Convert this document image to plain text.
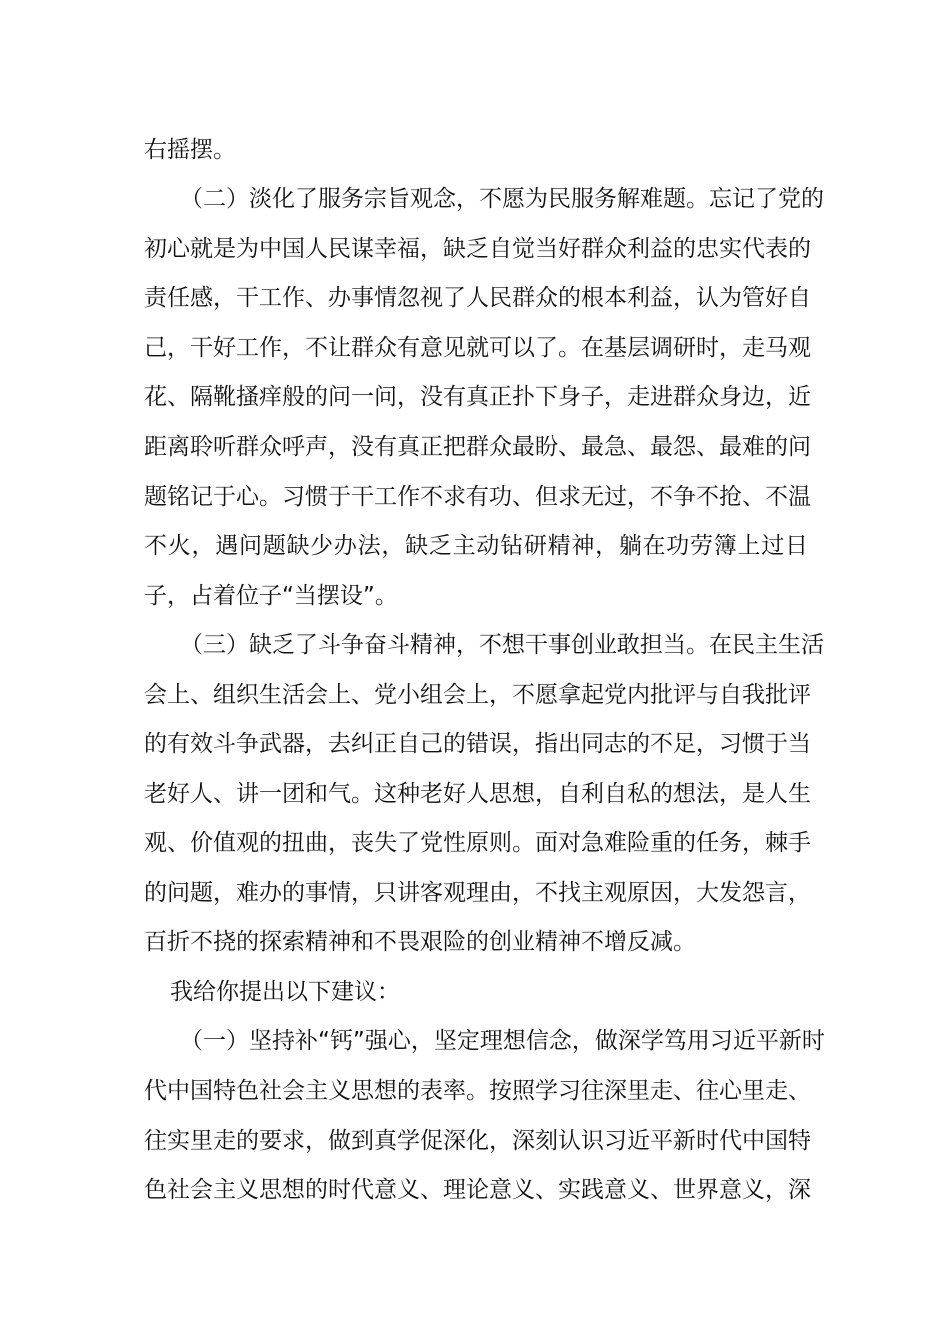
右摇摆。
（二）淡化了服务宗旨观念，不愿为民服务解难题。忘记了党的
初心就是为中国人民谋幸福，缺乏自觉当好群众利益的忠实代表的
责任感，干工作、办事情忽视了人民群众的根本利益，认为管好自
己，干好工作，不让群众有意见就可以了。在基层调研时，走马观
花、隔靴搔痒般的问一问，没有真正扑下身子，走进群众身边，近
距离聆听群众呼声，没有真正把群众最盼、最急、最怨、最难的问
题铭记于心。习惯于干工作不求有功、但求无过，不争不抢、不温
不火，遇问题缺少办法，缺乏主动钻研精神，躺在功劳簿上过日
子，占着位子“当摆设”。
（三）缺乏了斗争奋斗精神，不想干事创业敢担当。在民主生活
会上、组织生活会上、党小组会上，不愿拿起党内批评与自我批评
的有效斗争武器，去纠正自己的错误，指出同志的不足，习惯于当
老好人、讲一团和气。这种老好人思想，自利自私的想法，是人生
观、价值观的扭曲，丧失了党性原则。面对急难险重的任务，棘手
的问题，难办的事情，只讲客观理由，不找主观原因，大发怨言，
百折不挠的探索精神和不畏艰险的创业精神不增反减。
我给你提出以下建议：
（一）坚持补“钙”强心，坚定理想信念，做深学笃用习近平新时
代中国特色社会主义思想的表率。按照学习往深里走、往心里走、
往实里走的要求，做到真学促深化，深刻认识习近平新时代中国特
色社会主义思想的时代意义、理论意义、实践意义、世界意义，深
